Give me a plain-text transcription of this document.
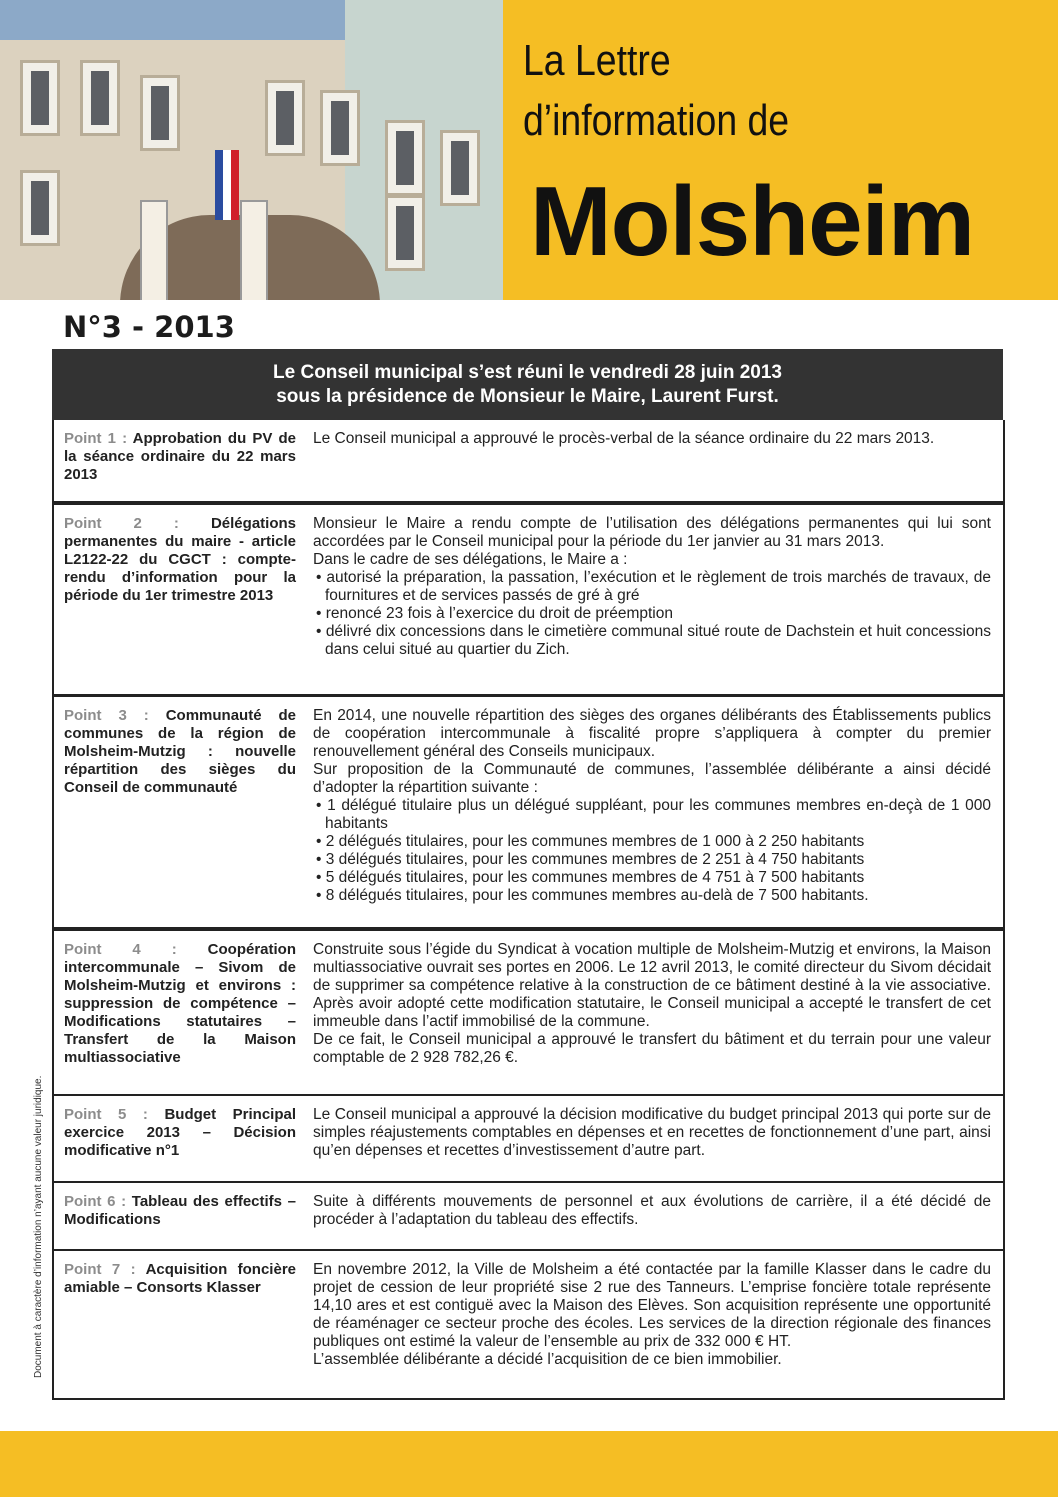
La Lettre
d’information de
Molsheim
N°3 - 2013
Le Conseil municipal s’est réuni le vendredi 28 juin 2013
sous la présidence de Monsieur le Maire, Laurent Furst.
Point 1 : Approbation du PV de la séance ordinaire du 22 mars 2013

Le Conseil municipal a approuvé le procès-verbal de la séance ordinaire du 22 mars 2013.

Point 2 : Délégations permanentes du maire - article L2122-22 du CGCT : compte-rendu d’information pour la période du 1er trimestre 2013

Monsieur le Maire a rendu compte de l’utilisation des délégations permanentes qui lui sont accordées par le Conseil municipal pour la période du 1er janvier au 31 mars 2013.

Dans le cadre de ses délégations, le Maire a :

• autorisé la préparation, la passation, l’exécution et le règlement de trois marchés de travaux, de fournitures et de services passés de gré à gré
• renoncé 23 fois à l’exercice du droit de préemption
• délivré dix concessions dans le cimetière communal situé route de Dachstein et huit concessions dans celui situé au quartier du Zich.
Point 3 : Communauté de communes de la région de Molsheim-Mutzig : nouvelle répartition des sièges du Conseil de communauté

En 2014, une nouvelle répartition des sièges des organes délibérants des Établissements publics de coopération intercommunale à fiscalité propre s’appliquera à compter du premier renouvellement général des Conseils municipaux.

Sur proposition de la Communauté de communes, l’assemblée délibérante a ainsi décidé d’adopter la répartition suivante :

• 1 délégué titulaire plus un délégué suppléant, pour les communes membres en-deçà de 1 000 habitants
• 2 délégués titulaires, pour les communes membres de 1 000 à 2 250 habitants
• 3 délégués titulaires, pour les communes membres de 2 251 à 4 750 habitants
• 5 délégués titulaires, pour les communes membres de 4 751 à 7 500 habitants
• 8 délégués titulaires, pour les communes membres au-delà de 7 500 habitants.
Point 4 : Coopération intercommunale – Sivom de Molsheim-Mutzig et environs : suppression de compétence – Modifications statutaires – Transfert de la Maison multiassociative

Construite sous l’égide du Syndicat à vocation multiple de Molsheim-Mutzig et environs, la Maison multiassociative ouvrait ses portes en 2006. Le 12 avril 2013, le comité directeur du Sivom décidait de supprimer sa compétence relative à la construction de ce bâtiment destiné à la vie associative. Après avoir adopté cette modification statutaire, le Conseil municipal a accepté le transfert de cet immeuble dans l’actif immobilisé de la commune.

De ce fait, le Conseil municipal a approuvé le transfert du bâtiment et du terrain pour une valeur comptable de 2 928 782,26 €.

Point 5 : Budget Principal exercice 2013 – Décision modificative n°1

Le Conseil municipal a approuvé la décision modificative du budget principal 2013 qui porte sur de simples réajustements comptables en dépenses et en recettes de fonctionnement d’une part, ainsi qu’en dépenses et recettes d’investissement d’autre part.

Point 6 : Tableau des effectifs – Modifications

Suite à différents mouvements de personnel et aux évolutions de carrière, il a été décidé de procéder à l’adaptation du tableau des effectifs.

Point 7 : Acquisition foncière amiable – Consorts Klasser

En novembre 2012, la Ville de Molsheim a été contactée par la famille Klasser dans le cadre du projet de cession de leur propriété sise 2 rue des Tanneurs. L’emprise foncière totale représente 14,10 ares et est contiguë avec la Maison des Elèves. Son acquisition représente une opportunité de réaménager ce secteur proche des écoles. Les services de la direction régionale des finances publiques ont estimé la valeur de l’ensemble au prix de 332 000 € HT.

L’assemblée délibérante a décidé l’acquisition de ce bien immobilier.

Document à caractère d’information n’ayant aucune valeur juridique.
